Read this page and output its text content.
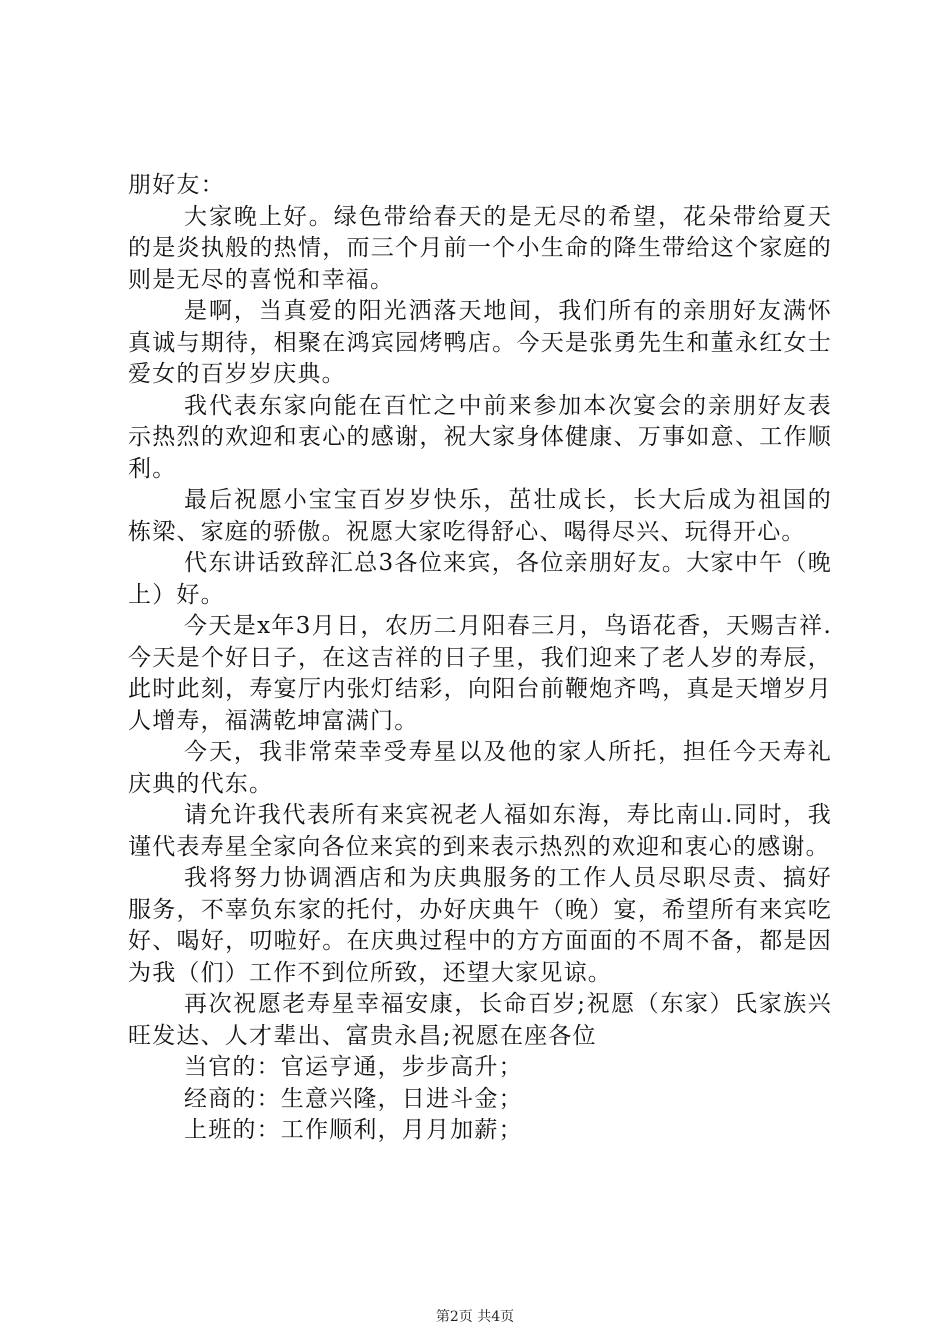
朋好友：

大家晚上好。绿色带给春天的是无尽的希望，花朵带给夏天的是炎执般的热情，而三个月前一个小生命的降生带给这个家庭的则是无尽的喜悦和幸福。

是啊，当真爱的阳光洒落天地间，我们所有的亲朋好友满怀真诚与期待，相聚在鸿宾园烤鸭店。今天是张勇先生和董永红女士爱女的百岁岁庆典。

我代表东家向能在百忙之中前来参加本次宴会的亲朋好友表示热烈的欢迎和衷心的感谢，祝大家身体健康、万事如意、工作顺利。

最后祝愿小宝宝百岁岁快乐，茁壮成长，长大后成为祖国的栋梁、家庭的骄傲。祝愿大家吃得舒心、喝得尽兴、玩得开心。

代东讲话致辞汇总3各位来宾，各位亲朋好友。大家中午（晚上）好。

今天是x年3月日，农历二月阳春三月，鸟语花香，天赐吉祥.今天是个好日子，在这吉祥的日子里，我们迎来了老人岁的寿辰，此时此刻，寿宴厅内张灯结彩，向阳台前鞭炮齐鸣，真是天增岁月人增寿，福满乾坤富满门。

今天，我非常荣幸受寿星以及他的家人所托，担任今天寿礼庆典的代东。

请允许我代表所有来宾祝老人福如东海，寿比南山.同时，我谨代表寿星全家向各位来宾的到来表示热烈的欢迎和衷心的感谢。

我将努力协调酒店和为庆典服务的工作人员尽职尽责、搞好服务，不辜负东家的托付，办好庆典午（晚）宴，希望所有来宾吃好、喝好，叨啦好。在庆典过程中的方方面面的不周不备，都是因为我（们）工作不到位所致，还望大家见谅。

再次祝愿老寿星幸福安康，长命百岁;祝愿（东家）氏家族兴旺发达、人才辈出、富贵永昌;祝愿在座各位

当官的：官运亨通，步步高升；

经商的：生意兴隆，日进斗金；

上班的：工作顺利，月月加薪；

第2页 共4页
